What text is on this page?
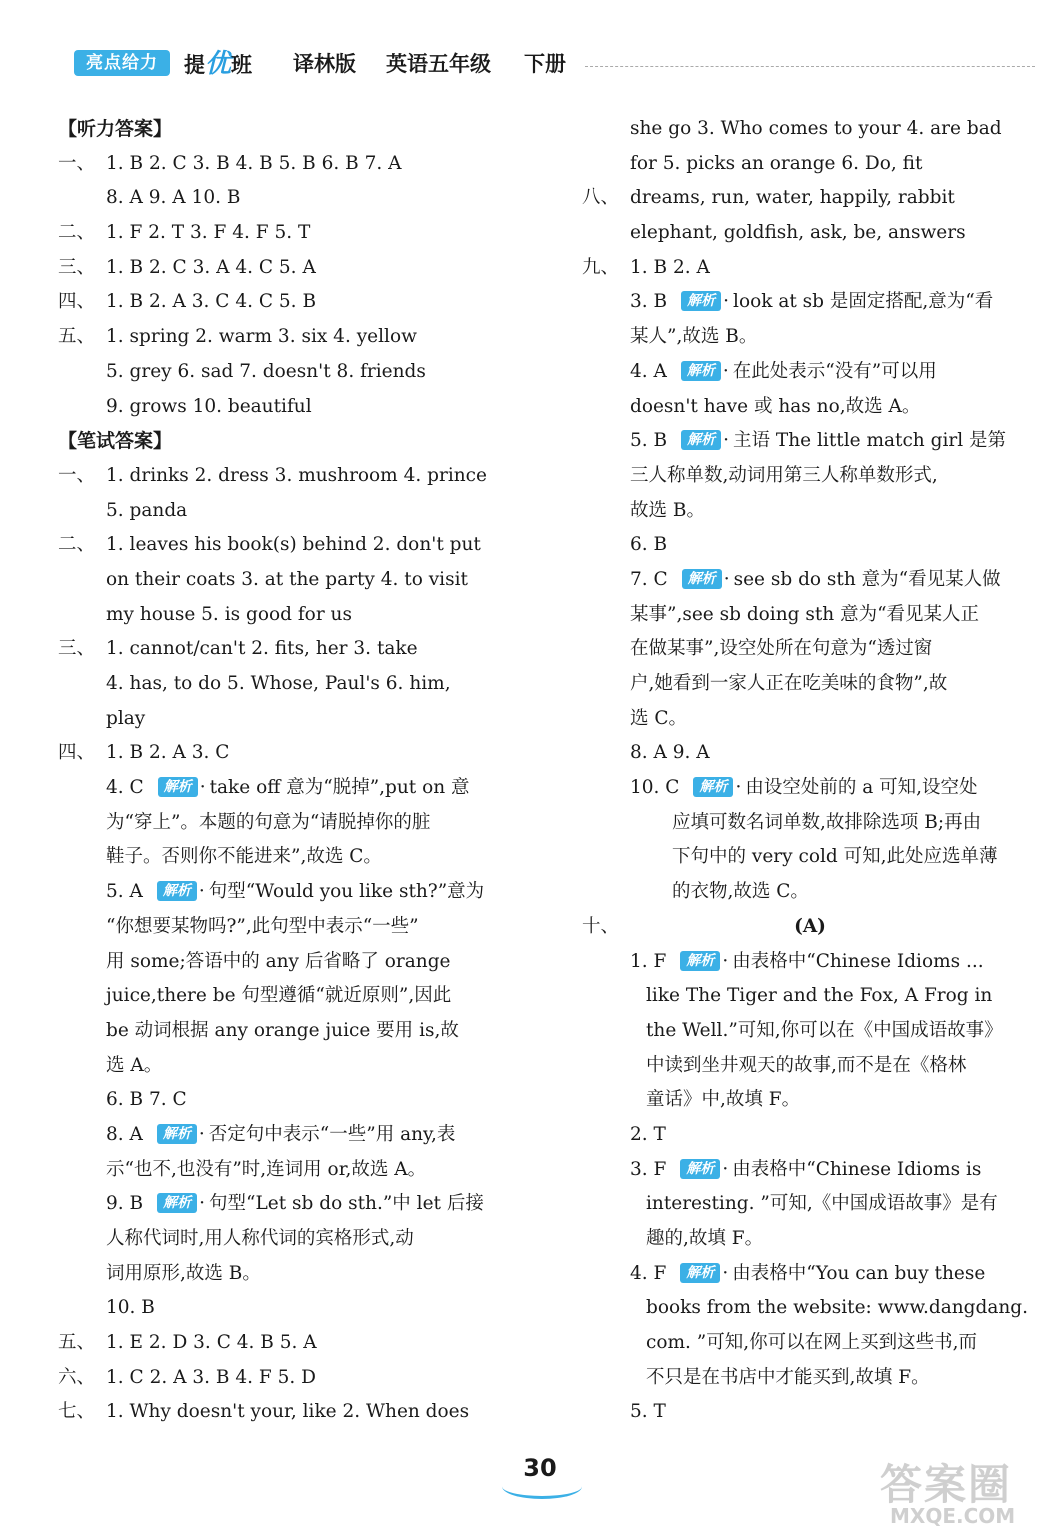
亮点给力	提优班 译林版 英语五年级 下册
【听力答案】
一、 1. B 2. C 3. B 4. B 5. B 6. B 7. A
8. A 9. A 10. B
二、 1. F 2. T 3. F 4. F 5. T
三、 1. B 2. C 3. A 4. C 5. A
四、 1. B 2. A 3. C 4. C 5. B
五、 1. spring 2. warm 3. six 4. yellow
5. grey 6. sad 7. doesn't 8. friends
9. grows 10. beautiful
【笔试答案】
一、 1. drinks 2. dress 3. mushroom 4. prince
5. panda
二、 1. leaves his book(s) behind 2. don't put
on their coats 3. at the party 4. to visit
my house 5. is good for us
三、 1. cannot/can't 2. fits, her 3. take
4. has, to do 5. Whose, Paul's 6. him,
play
四、 1. B 2. A 3. C
4. C 解析 · take off 意为“脱掉”,put on 意
为“穿上”。本题的句意为“请脱掉你的脏
鞋子。否则你不能进来”,故选 C。
5. A 解析 · 句型“Would you like sth?”意为
“你想要某物吗?”,此句型中表示“一些”
用 some;答语中的 any 后省略了 orange
juice,there be 句型遵循“就近原则”,因此
be 动词根据 any orange juice 要用 is,故
选 A。
6. B 7. C
8. A 解析 · 否定句中表示“一些”用 any,表
示“也不,也没有”时,连词用 or,故选 A。
9. B 解析 · 句型“Let sb do sth.”中 let 后接
人称代词时,用人称代词的宾格形式,动
词用原形,故选 B。
10. B
五、 1. E 2. D 3. C 4. B 5. A
六、 1. C 2. A 3. B 4. F 5. D
七、 1. Why doesn't your, like 2. When does
she go 3. Who comes to your 4. are bad
for 5. picks an orange 6. Do, fit
八、 dreams, run, water, happily, rabbit
elephant, goldfish, ask, be, answers
九、 1. B 2. A
3. B 解析 · look at sb 是固定搭配,意为“看
某人”,故选 B。
4. A 解析 · 在此处表示“没有”可以用
doesn't have 或 has no,故选 A。
5. B 解析 · 主语 The little match girl 是第
三人称单数,动词用第三人称单数形式,
故选 B。
6. B
7. C 解析 · see sb do sth 意为“看见某人做
某事”,see sb doing sth 意为“看见某人正
在做某事”,设空处所在句意为“透过窗
户,她看到一家人正在吃美味的食物”,故
选 C。
8. A 9. A
10. C 解析 · 由设空处前的 a 可知,设空处
应填可数名词单数,故排除选项 B;再由
下句中的 very cold 可知,此处应选单薄
的衣物,故选 C。
十、	(A)
1. F 解析 · 由表格中“Chinese Idioms ...
like The Tiger and the Fox, A Frog in
the Well.”可知,你可以在《中国成语故事》
中读到坐井观天的故事,而不是在《格林
童话》中,故填 F。
2. T
3. F 解析 · 由表格中“Chinese Idioms is
interesting. ”可知,《中国成语故事》是有
趣的,故填 F。
4. F 解析 · 由表格中“You can buy these
books from the website: www.dangdang.
com. ”可知,你可以在网上买到这些书,而
不只是在书店中才能买到,故填 F。
5. T
30	答案圈
MXQE.COM
